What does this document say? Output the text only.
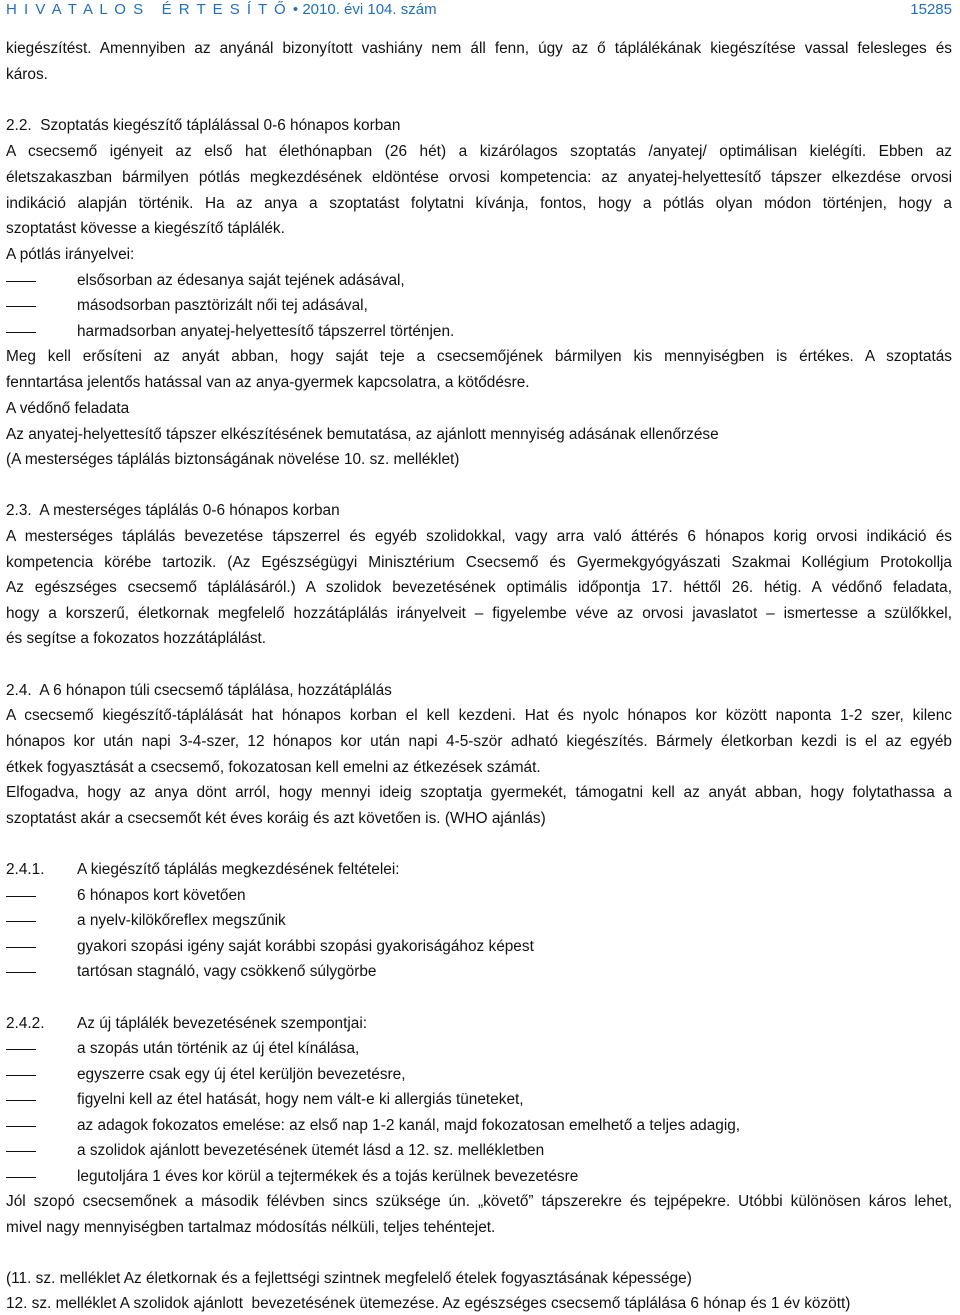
H I V A T A L O S   É R T E S Í T Ő • 2010. évi 104. szám	15285
kiegészítést. Amennyiben az anyánál bizonyított vashiány nem áll fenn, úgy az ő táplálékának kiegészítése vassal felesleges és
káros.
2.2.  Szoptatás kiegészítő táplálással 0-6 hónapos korban
A csecsemő igényeit az első hat élethónapban (26 hét) a kizárólagos szoptatás /anyatej/ optimálisan kielégíti. Ebben az
életszakaszban bármilyen pótlás megkezdésének eldöntése orvosi kompetencia: az anyatej-helyettesítő tápszer elkezdése orvosi
indikáció alapján történik. Ha az anya a szoptatást folytatni kívánja, fontos, hogy a pótlás olyan módon történjen, hogy a
szoptatást kövesse a kiegészítő táplálék.
A pótlás irányelvei:
elsősorban az édesanya saját tejének adásával,
másodsorban pasztörizált női tej adásával,
harmadsorban anyatej-helyettesítő tápszerrel történjen.
Meg kell erősíteni az anyát abban, hogy saját teje a csecsemőjének bármilyen kis mennyiségben is értékes. A szoptatás
fenntartása jelentős hatással van az anya-gyermek kapcsolatra, a kötődésre.
A védőnő feladata
Az anyatej-helyettesítő tápszer elkészítésének bemutatása, az ajánlott mennyiség adásának ellenőrzése
(A mesterséges táplálás biztonságának növelése 10. sz. melléklet)
2.3.  A mesterséges táplálás 0-6 hónapos korban
A mesterséges táplálás bevezetése tápszerrel és egyéb szolidokkal, vagy arra való áttérés 6 hónapos korig orvosi indikáció és
kompetencia körébe tartozik. (Az Egészségügyi Minisztérium Csecsemő és Gyermekgyógyászati Szakmai Kollégium Protokollja
Az egészséges csecsemő táplálásáról.) A szolidok bevezetésének optimális időpontja 17. héttől 26. hétig. A védőnő feladata,
hogy a korszerű, életkornak megfelelő hozzátáplálás irányelveit – figyelembe véve az orvosi javaslatot – ismertesse a szülőkkel,
és segítse a fokozatos hozzátáplálást.
2.4.  A 6 hónapon túli csecsemő táplálása, hozzátáplálás
A csecsemő kiegészítő-táplálását hat hónapos korban el kell kezdeni. Hat és nyolc hónapos kor között naponta 1-2 szer, kilenc
hónapos kor után napi 3-4-szer, 12 hónapos kor után napi 4-5-ször adható kiegészítés. Bármely életkorban kezdi is el az egyéb
étkek fogyasztását a csecsemő, fokozatosan kell emelni az étkezések számát.
Elfogadva, hogy az anya dönt arról, hogy mennyi ideig szoptatja gyermekét, támogatni kell az anyát abban, hogy folytathassa a
szoptatást akár a csecsemőt két éves koráig és azt követően is. (WHO ajánlás)
2.4.1. A kiegészítő táplálás megkezdésének feltételei:
6 hónapos kort követően
a nyelv-kilökőreflex megszűnik
gyakori szopási igény saját korábbi szopási gyakoriságához képest
tartósan stagnáló, vagy csökkenő súlygörbe
2.4.2. Az új táplálék bevezetésének szempontjai:
a szopás után történik az új étel kínálása,
egyszerre csak egy új étel kerüljön bevezetésre,
figyelni kell az étel hatását, hogy nem vált-e ki allergiás tüneteket,
az adagok fokozatos emelése: az első nap 1-2 kanál, majd fokozatosan emelhető a teljes adagig,
a szolidok ajánlott bevezetésének ütemét lásd a 12. sz. mellékletben
legutoljára 1 éves kor körül a tejtermékek és a tojás kerülnek bevezetésre
Jól szopó csecsemőnek a második félévben sincs szüksége ún. „követő” tápszerekre és tejpépekre. Utóbbi különösen káros lehet,
mivel nagy mennyiségben tartalmaz módosítás nélküli, teljes tehéntejet.
(11. sz. melléklet Az életkornak és a fejlettségi szintnek megfelelő ételek fogyasztásának képessége)
12. sz. melléklet A szolidok ajánlott  bevezetésének ütemezése. Az egészséges csecsemő táplálása 6 hónap és 1 év között)
